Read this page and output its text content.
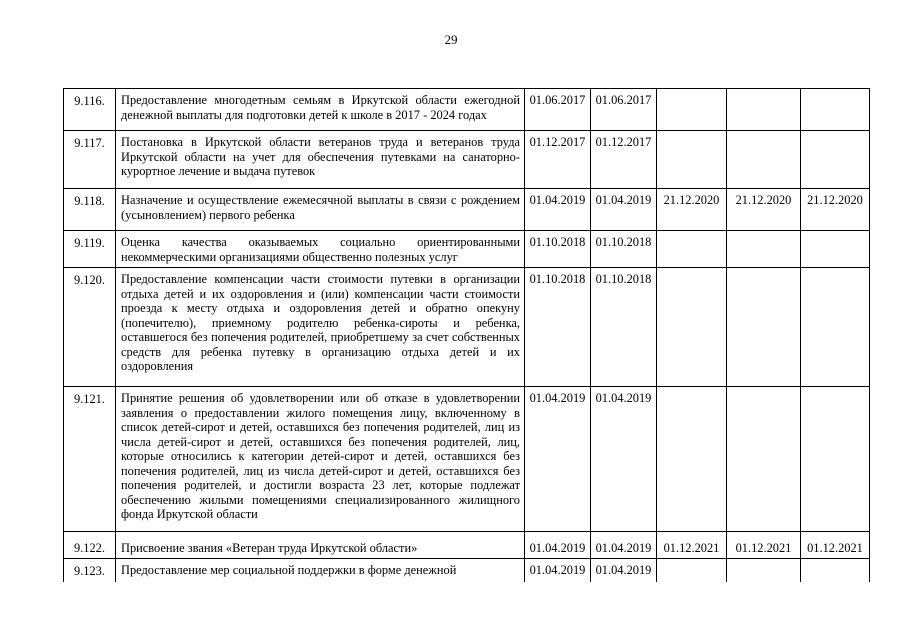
29
9.116.	Предоставление многодетным семьям в Иркутской области ежегодной денежной выплаты для подготовки детей к школе в 2017 - 2024 годах	01.06.2017	01.06.2017			
9.117.	Постановка в Иркутской области ветеранов труда и ветеранов труда Иркутской области на учет для обеспечения путевками на санаторно-курортное лечение и выдача путевок	01.12.2017	01.12.2017			
9.118.	Назначение и осуществление ежемесячной выплаты в связи с рождением (усыновлением) первого ребенка	01.04.2019	01.04.2019	21.12.2020	21.12.2020	21.12.2020
9.119.	Оценка качества оказываемых социально ориентированными некоммерческими организациями общественно полезных услуг	01.10.2018	01.10.2018			
9.120.	Предоставление компенсации части стоимости путевки в организации отдыха детей и их оздоровления и (или) компенсации части стоимости проезда к месту отдыха и оздоровления детей и обратно опекуну (попечителю), приемному родителю ребенка-сироты и ребенка, оставшегося без попечения родителей, приобретшему за счет собственных средств для ребенка путевку в организацию отдыха детей и их оздоровления	01.10.2018	01.10.2018			
9.121.	Принятие решения об удовлетворении или об отказе в удовлетворении заявления о предоставлении жилого помещения лицу, включенному в список детей-сирот и детей, оставшихся без попечения родителей, лиц из числа детей-сирот и детей, оставшихся без попечения родителей, лиц, которые относились к категории детей-сирот и детей, оставшихся без попечения родителей, лиц из числа детей-сирот и детей, оставшихся без попечения родителей, и достигли возраста 23 лет, которые подлежат обеспечению жилыми помещениями специализированного жилищного фонда Иркутской области	01.04.2019	01.04.2019			
9.122.	Присвоение звания «Ветеран труда Иркутской области»	01.04.2019	01.04.2019	01.12.2021	01.12.2021	01.12.2021
9.123.	Предоставление мер социальной поддержки в форме денежной	01.04.2019	01.04.2019			
